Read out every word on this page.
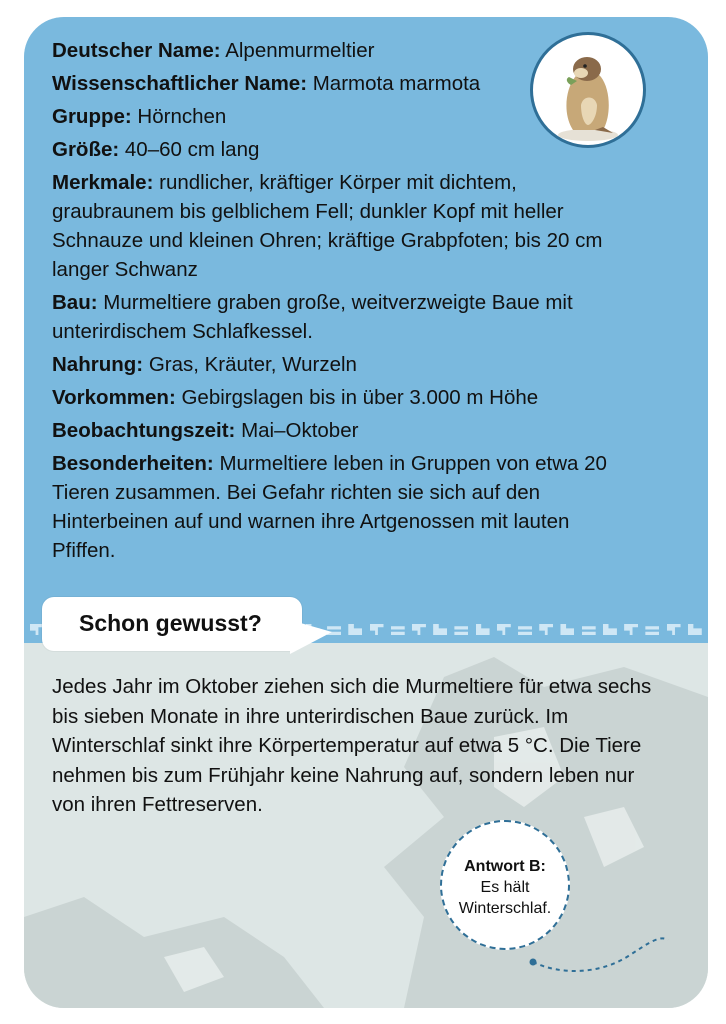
Deutscher Name: Alpenmurmeltier
Wissenschaftlicher Name: Marmota marmota
Gruppe: Hörnchen
Größe: 40–60 cm lang
Merkmale: rundlicher, kräftiger Körper mit dichtem, graubraunem bis gelblichem Fell; dunkler Kopf mit heller Schnauze und kleinen Ohren; kräftige Grabpfoten; bis 20 cm langer Schwanz
Bau: Murmeltiere graben große, weitverzweigte Baue mit unterirdischem Schlafkessel.
Nahrung: Gras, Kräuter, Wurzeln
Vorkommen: Gebirgslagen bis in über 3.000 m Höhe
Beobachtungszeit: Mai–Oktober
Besonderheiten: Murmeltiere leben in Gruppen von etwa 20 Tieren zusammen. Bei Gefahr richten sie sich auf den Hinterbeinen auf und warnen ihre Artgenossen mit lauten Pfiffen.
Schon gewusst?
Jedes Jahr im Oktober ziehen sich die Murmeltiere für etwa sechs bis sieben Monate in ihre unterirdischen Baue zurück. Im Winterschlaf sinkt ihre Körpertemperatur auf etwa 5 °C. Die Tiere nehmen bis zum Frühjahr keine Nahrung auf, sondern leben nur von ihren Fettreserven.
Antwort B:
Es hält
Winterschlaf.
